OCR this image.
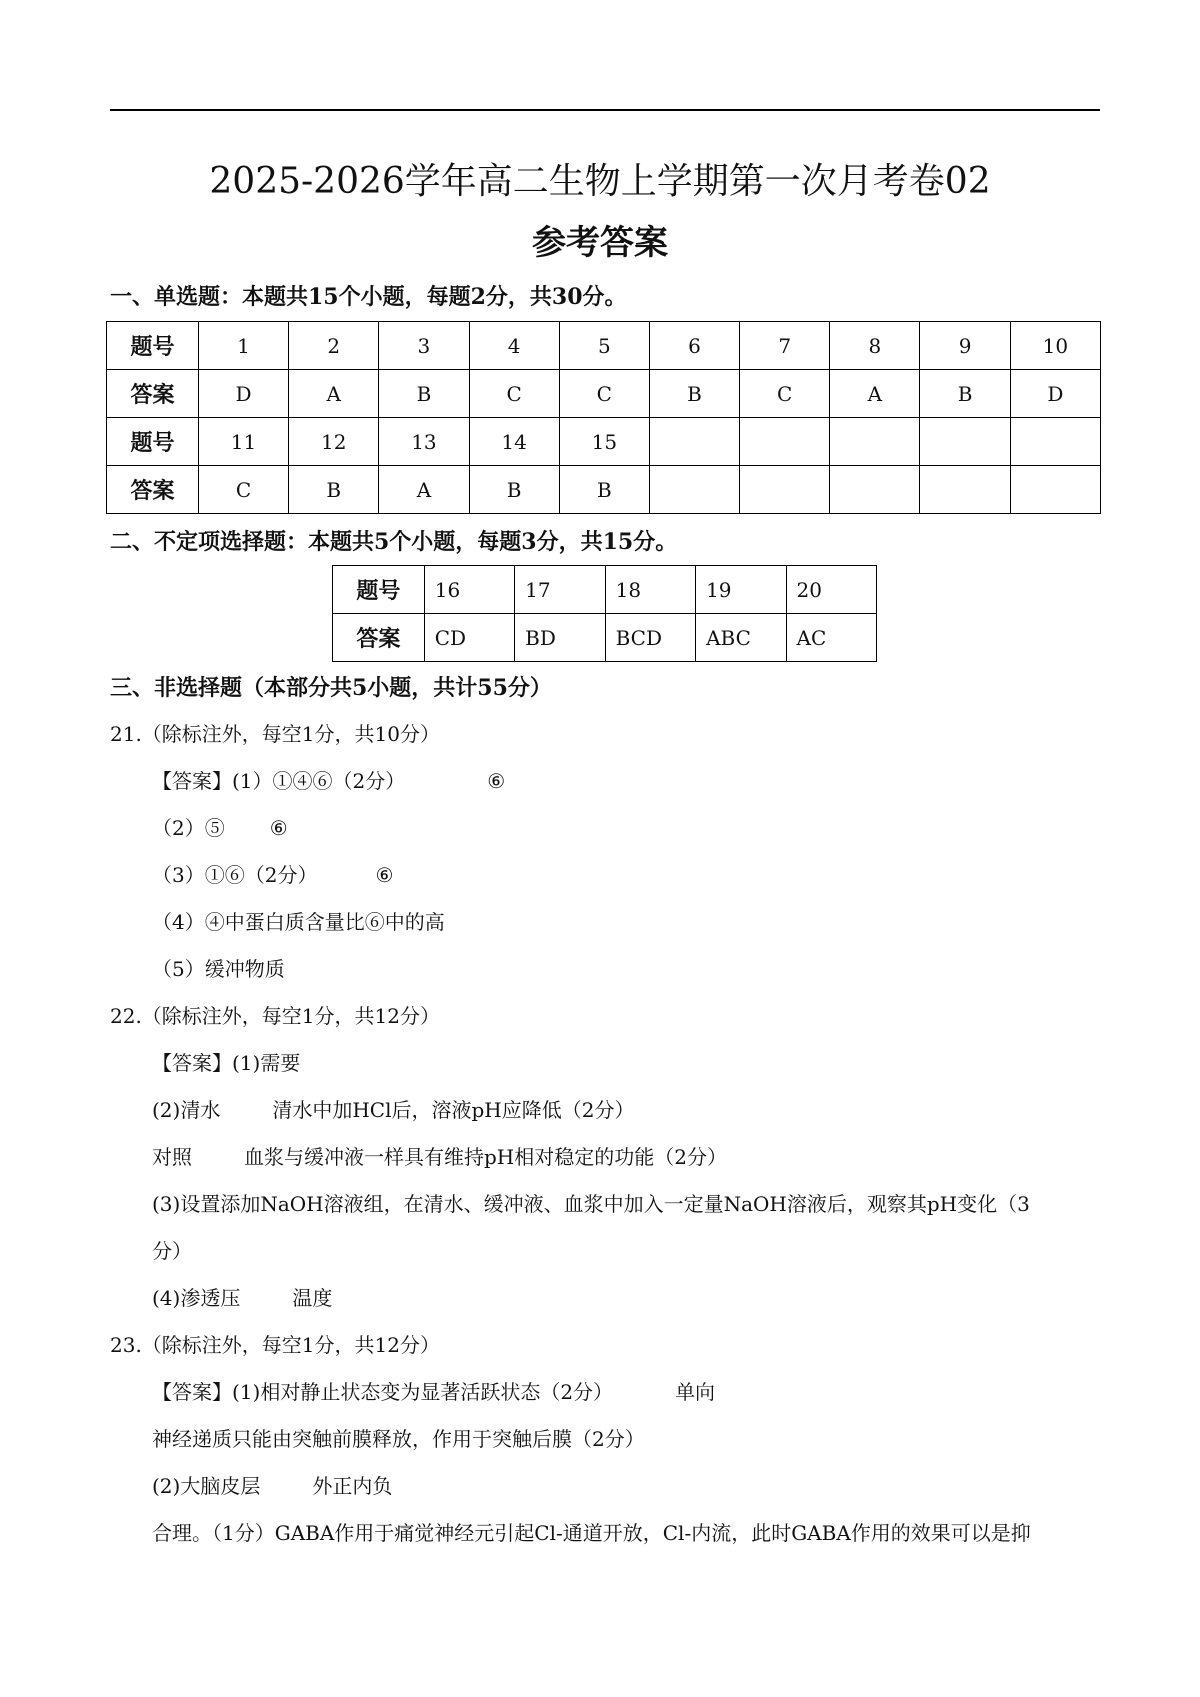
2025-2026学年高二生物上学期第一次月考卷02
参考答案
一、单选题：本题共15个小题，每题2分，共30分。
题号	1	2	3	4	5	6	7	8	9	10
答案	D	A	B	C	C	B	C	A	B	D
题号	11	12	13	14	15					
答案	C	B	A	B	B					
二、不定项选择题：本题共5个小题，每题3分，共15分。
题号	16	17	18	19	20
答案	CD	BD	BCD	ABC	AC
三、非选择题（本部分共5小题，共计55分）
21.（除标注外，每空1分，共10分）
【答案】(1）①④⑥（2分）	⑥
（2）⑤ ⑥
（3）①⑥（2分）	⑥
（4）④中蛋白质含量比⑥中的高
（5）缓冲物质
22.（除标注外，每空1分，共12分）
【答案】(1)需要
(2)清水	清水中加HCl后，溶液pH应降低（2分）
对照	血浆与缓冲液一样具有维持pH相对稳定的功能（2分）
(3)设置添加NaOH溶液组，在清水、缓冲液、血浆中加入一定量NaOH溶液后，观察其pH变化（3
分）
(4)渗透压	温度
23.（除标注外，每空1分，共12分）
【答案】(1)相对静止状态变为显著活跃状态（2分）	单向
神经递质只能由突触前膜释放，作用于突触后膜（2分）
(2)大脑皮层	外正内负
合理。（1分）GABA作用于痛觉神经元引起Cl-通道开放，Cl-内流，此时GABA作用的效果可以是抑
